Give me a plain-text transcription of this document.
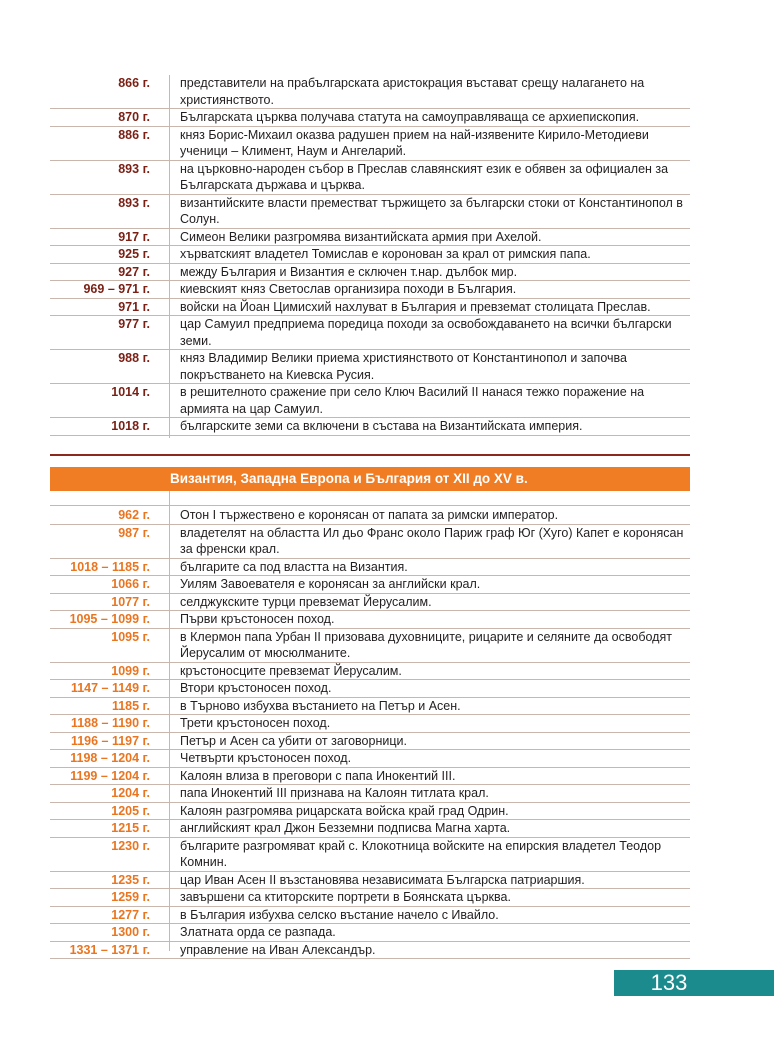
866 г.	представители на прабългарската аристокрация въстават срещу налагането на християнството.
870 г.	Българската църква получава статута на самоуправляваща се архиепископия.
886 г.	княз Борис-Михаил оказва радушен прием на най-изявените Кирило-Методиеви ученици – Климент, Наум и Ангеларий.
893 г.	на църковно-народен събор в Преслав славянският език е обявен за официален за Българската държава и църква.
893 г.	византийските власти преместват тържището за български стоки от Константинопол в Солун.
917 г.	Симеон Велики разгромява византийската армия при Ахелой.
925 г.	хърватският владетел Томислав е коронован за крал от римския папа.
927 г.	между България и Византия е сключен т.нар. дълбок мир.
969 – 971 г.	киевският княз Светослав организира походи в България.
971 г.	войски на Йоан Цимисхий нахлуват в България и превземат столицата Преслав.
977 г.	цар Самуил предприема поредица походи за освобождаването на всички български земи.
988 г.	княз Владимир Велики приема християнството от Константинопол и започва покръстването на Киевска Русия.
1014 г.	в решителното сражение при село Ключ Василий II нанася тежко поражение на армията на цар Самуил.
1018 г.	българските земи са включени в състава на Византийската империя.
Византия, Западна Европа и България от XII до XV в.
962 г.	Отон I тържествено е коронясан от папата за римски император.
987 г.	владетелят на областта Ил дьо Франс около Париж граф Юг (Хуго) Капет е коронясан за френски крал.
1018 – 1185 г.	българите са под властта на Византия.
1066 г.	Уилям Завоевателя е коронясан за английски крал.
1077 г.	селджукските турци превземат Йерусалим.
1095 – 1099 г.	Първи кръстоносен поход.
1095 г.	в Клермон папа Урбан II призовава духовниците, рицарите и селяните да освободят Йерусалим от мюсюлманите.
1099 г.	кръстоносците превземат Йерусалим.
1147 – 1149 г.	Втори кръстоносен поход.
1185 г.	в Търново избухва въстанието на Петър и Асен.
1188 – 1190 г.	Трети кръстоносен поход.
1196 – 1197 г.	Петър и Асен са убити от заговорници.
1198 – 1204 г.	Четвърти кръстоносен поход.
1199 – 1204 г.	Калоян влиза в преговори с папа Инокентий III.
1204 г.	папа Инокентий III признава на Калоян титлата крал.
1205 г.	Калоян разгромява рицарската войска край град Одрин.
1215 г.	английският крал Джон Безземни подписва Магна харта.
1230 г.	българите разгромяват край с. Клокотница войските на епирския владетел Теодор Комнин.
1235 г.	цар Иван Асен II възстановява независимата Българска патриаршия.
1259 г.	завършени са ктиторските портрети в Боянската църква.
1277 г.	в България избухва селско въстание начело с Ивайло.
1300 г.	Златната орда се разпада.
1331 – 1371 г.	управление на Иван Александър.
133
